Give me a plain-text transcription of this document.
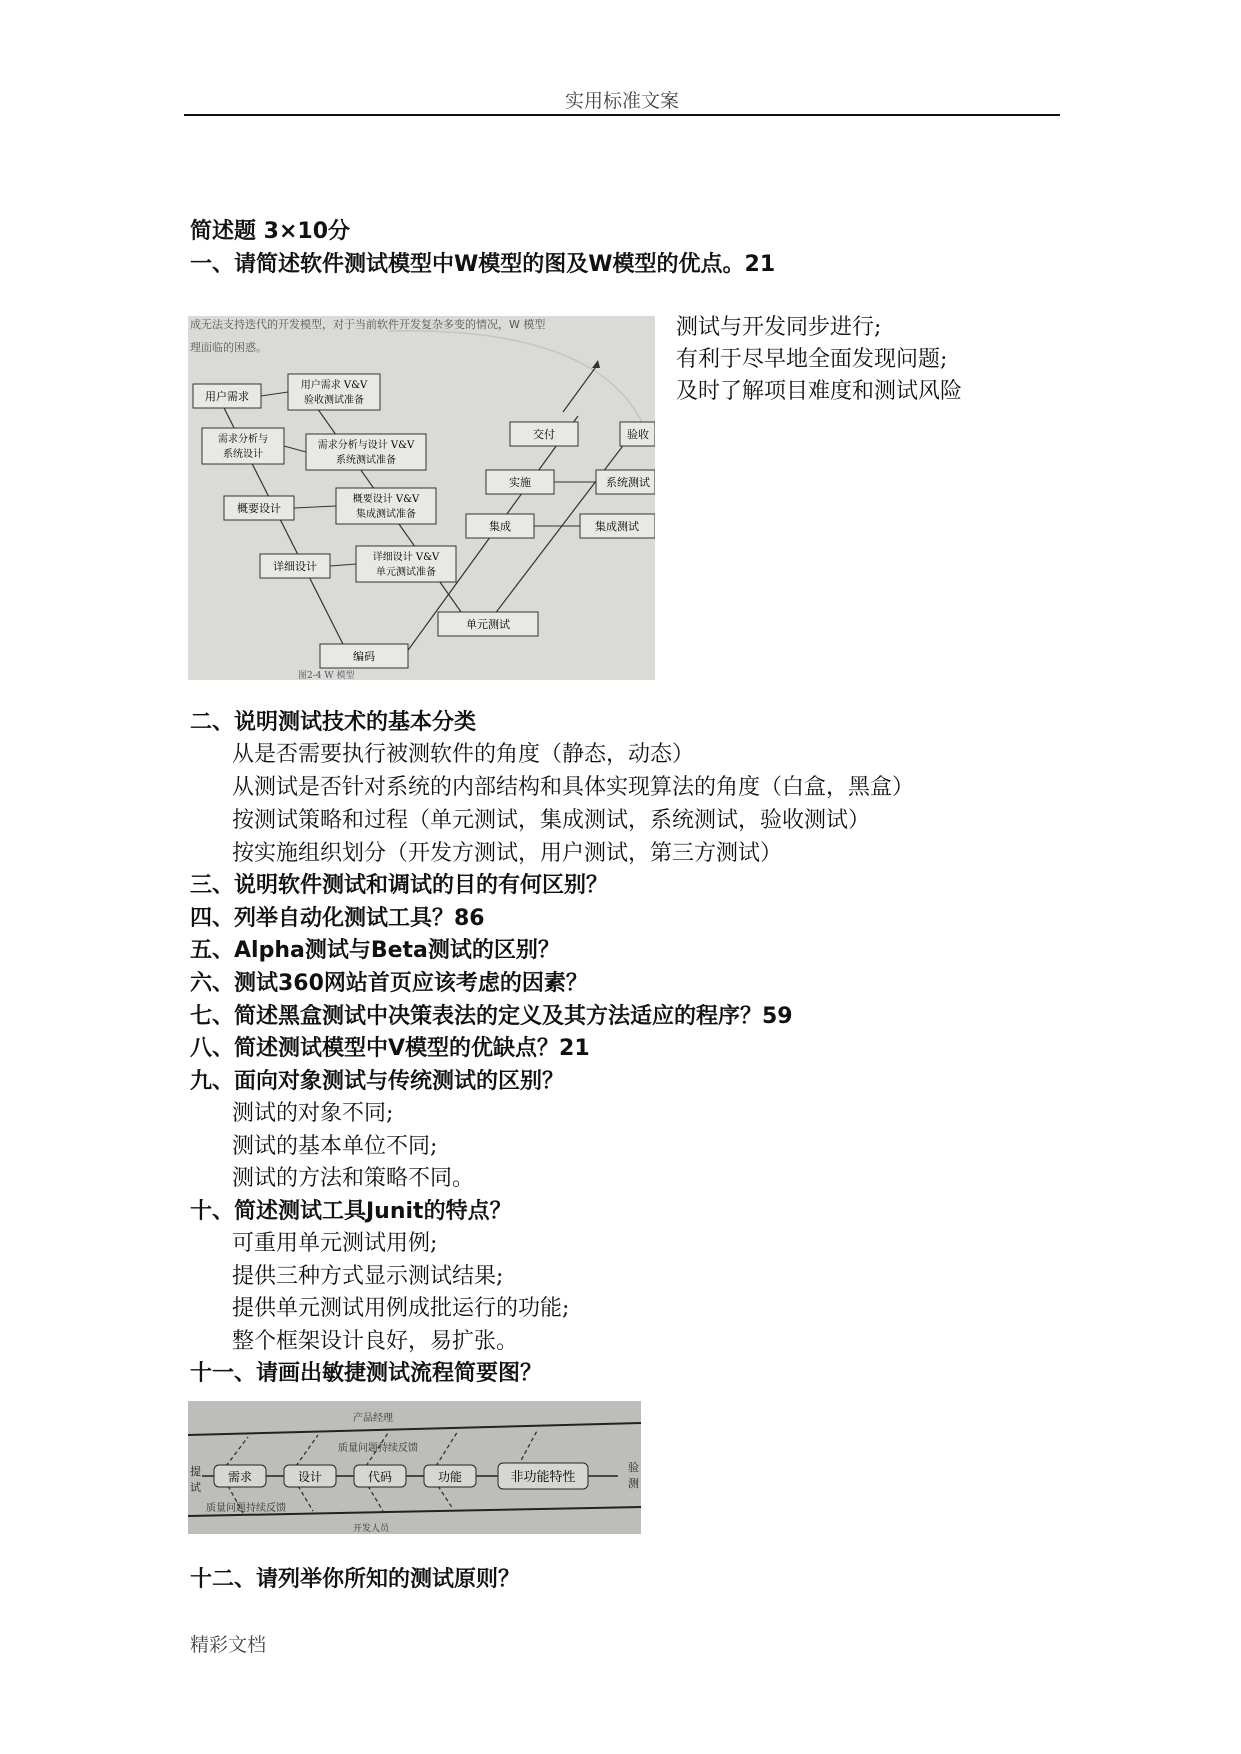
实用标准文案
简述题 3×10分
一、请简述软件测试模型中W模型的图及W模型的优点。21
成无法支持迭代的开发模型，对于当前软件开发复杂多变的情况，W 模型
理面临的困惑。
用户需求
需求分析与
系统设计
概要设计
详细设计
编码
集成
实施
交付
用户需求 V&V
验收测试准备
需求分析与设计 V&V
系统测试准备
概要设计 V&V
集成测试准备
详细设计 V&V
单元测试准备
单元测试
集成测试
系统测试
验收
图2-4 W 模型
测试与开发同步进行;
有利于尽早地全面发现问题;
及时了解项目难度和测试风险
二、说明测试技术的基本分类
从是否需要执行被测软件的角度（静态，动态）
从测试是否针对系统的内部结构和具体实现算法的角度（白盒，黑盒）
按测试策略和过程（单元测试，集成测试，系统测试，验收测试）
按实施组织划分（开发方测试，用户测试，第三方测试）
三、说明软件测试和调试的目的有何区别？
四、列举自动化测试工具？86
五、Alpha测试与Beta测试的区别？
六、测试360网站首页应该考虑的因素？
七、简述黑盒测试中决策表法的定义及其方法适应的程序？59
八、简述测试模型中V模型的优缺点？21
九、面向对象测试与传统测试的区别？
测试的对象不同;
测试的基本单位不同;
测试的方法和策略不同。
十、简述测试工具Junit的特点？
可重用单元测试用例;
提供三种方式显示测试结果;
提供单元测试用例成批运行的功能;
整个框架设计良好，易扩张。
十一、请画出敏捷测试流程简要图？
产品经理
质量问题持续反馈
质量问题持续反馈
开发人员
提
试
验
测
需求	设计	代码	功能	非功能特性
十二、请列举你所知的测试原则？
精彩文档
